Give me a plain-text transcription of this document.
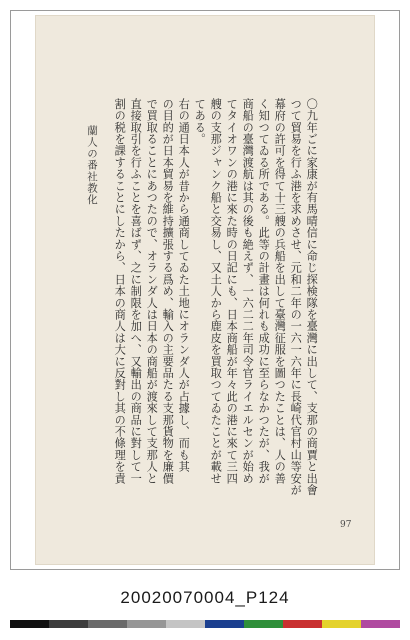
〇九年ごに家康が有馬晴信に命じ探検隊を臺灣に出して、支那の商賈と出會
つて貿易を行ふ港を求めさせ、元和二年の一六一六年に長崎代官村山等安が
幕府の許可を得て十三艘の兵船を出して臺灣征服を圖つたことは、人の善
く知つてゐる所である。此等の計畫は何れも成功に至らなかつたが、我が
商船の臺灣渡航は其の後も絶えず、一六二二年司令官ライエルセンが始め
てタイオワンの港に來た時の日記にも、日本商船が年々此の港に來て三四
艘の支那ジャンク船と交易し、又土人から鹿皮を買取つてゐたことが載せ
てある。
右の通日本人が昔から通商してゐた土地にオランダ人が占據し、而も其
の目的が日本貿易を維持擴張する爲め、輸入の主要品たる支那貨物を廉價
で買取ることにあつたので、オランダ人は日本の商船が渡來して支那人と
直接取引を行ふことを喜ばず、之に制限を加へ、又輸出の商品に對して一
割の税を課することにしたから、日本の商人は大に反對し其の不條理を責
蘭人の番社教化
97
20020070004_P124
